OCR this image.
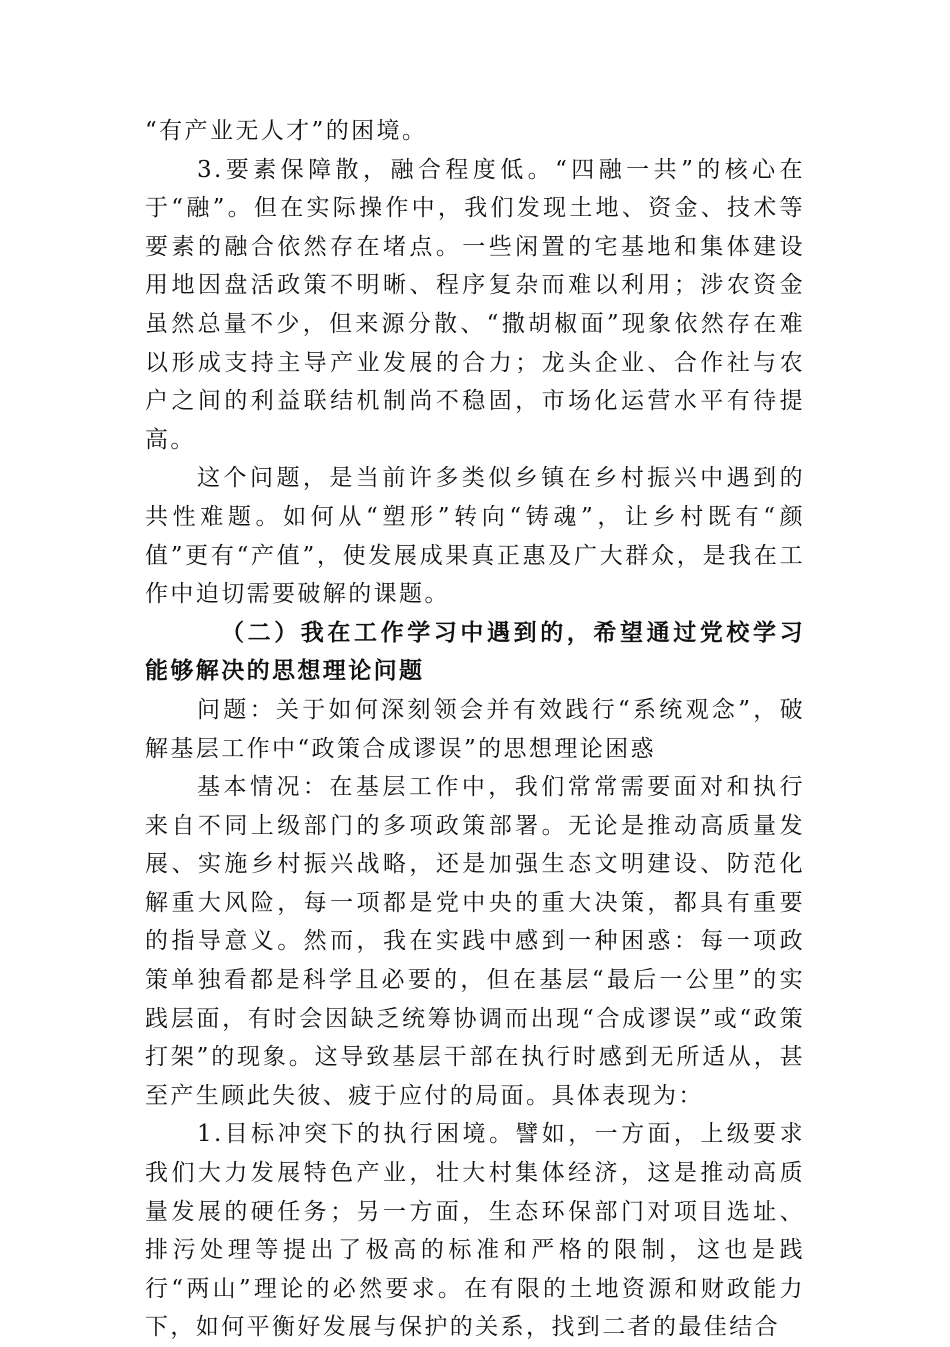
“有产业无人才”的困境。

3.要素保障散，融合程度低。“四融一共”的核心在于“融”。但在实际操作中，我们发现土地、资金、技术等要素的融合依然存在堵点。一些闲置的宅基地和集体建设用地因盘活政策不明晰、程序复杂而难以利用；涉农资金虽然总量不少，但来源分散、“撒胡椒面”现象依然存在难以形成支持主导产业发展的合力；龙头企业、合作社与农户之间的利益联结机制尚不稳固，市场化运营水平有待提高。

这个问题，是当前许多类似乡镇在乡村振兴中遇到的共性难题。如何从“塑形”转向“铸魂”，让乡村既有“颜值”更有“产值”，使发展成果真正惠及广大群众，是我在工作中迫切需要破解的课题。

（二）我在工作学习中遇到的，希望通过党校学习能够解决的思想理论问题

问题：关于如何深刻领会并有效践行“系统观念”，破解基层工作中“政策合成谬误”的思想理论困惑

基本情况：在基层工作中，我们常常需要面对和执行来自不同上级部门的多项政策部署。无论是推动高质量发展、实施乡村振兴战略，还是加强生态文明建设、防范化解重大风险，每一项都是党中央的重大决策，都具有重要的指导意义。然而，我在实践中感到一种困惑：每一项政策单独看都是科学且必要的，但在基层“最后一公里”的实践层面，有时会因缺乏统筹协调而出现“合成谬误”或“政策打架”的现象。这导致基层干部在执行时感到无所适从，甚至产生顾此失彼、疲于应付的局面。具体表现为：

1.目标冲突下的执行困境。譬如，一方面，上级要求我们大力发展特色产业，壮大村集体经济，这是推动高质量发展的硬任务；另一方面，生态环保部门对项目选址、排污处理等提出了极高的标准和严格的限制，这也是践行“两山”理论的必然要求。在有限的土地资源和财政能力下，如何平衡好发展与保护的关系，找到二者的最佳结合
